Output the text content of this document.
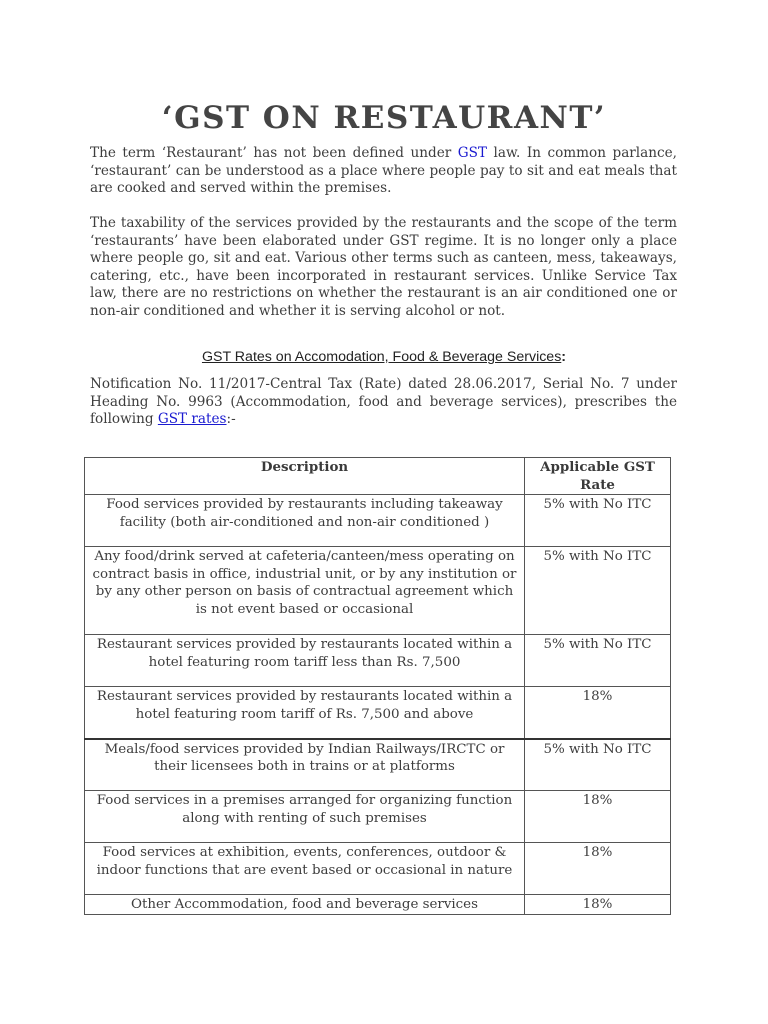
‘GST ON RESTAURANT’

The term ‘Restaurant’ has not been defined under GST law. In common parlance, ‘restaurant’ can be understood as a place where people pay to sit and eat meals that are cooked and served within the premises.

The taxability of the services provided by the restaurants and the scope of the term ‘restaurants’ have been elaborated under GST regime. It is no longer only a place where people go, sit and eat. Various other terms such as canteen, mess, takeaways, catering, etc., have been incorporated in restaurant services. Unlike Service Tax law, there are no restrictions on whether the restaurant is an air conditioned one or non-air conditioned and whether it is serving alcohol or not.

GST Rates on Accomodation, Food & Beverage Services:

Notification No. 11/2017-Central Tax (Rate) dated 28.06.2017, Serial No. 7 under Heading No. 9963 (Accommodation, food and beverage services), prescribes the following GST rates:-

Description	Applicable GST Rate
Food services provided by restaurants including takeaway facility (both air-conditioned and non-air conditioned )	5% with No ITC
Any food/drink served at cafeteria/canteen/mess operating on contract basis in office, industrial unit, or by any institution or by any other person on basis of contractual agreement which is not event based or occasional	5% with No ITC
Restaurant services provided by restaurants located within a hotel featuring room tariff less than Rs. 7,500	5% with No ITC
Restaurant services provided by restaurants located within a hotel featuring room tariff of Rs. 7,500 and above	18%
Meals/food services provided by Indian Railways/IRCTC or their licensees both in trains or at platforms	5% with No ITC
Food services in a premises arranged for organizing function along with renting of such premises	18%
Food services at exhibition, events, conferences, outdoor & indoor functions that are event based or occasional in nature	18%
Other Accommodation, food and beverage services	18%
